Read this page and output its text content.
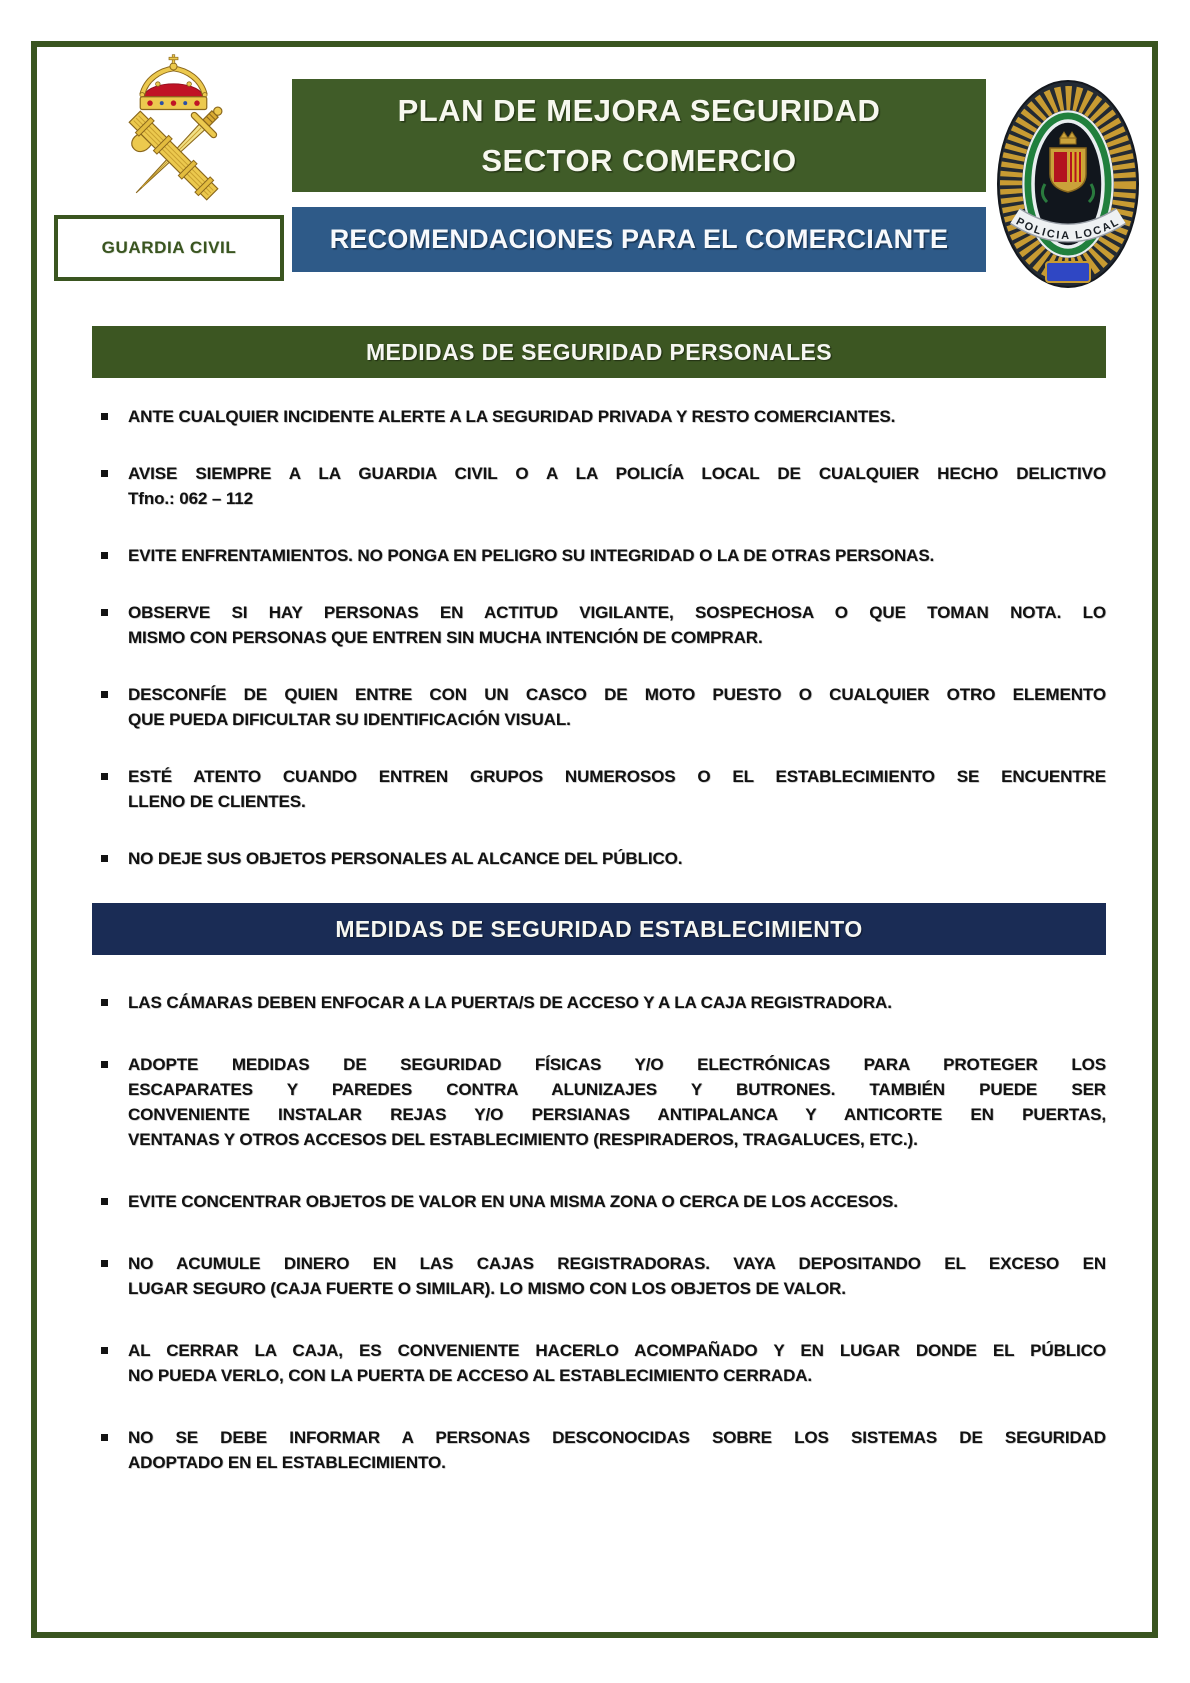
GUARDIA CIVIL
PLAN DE MEJORA SEGURIDAD
SECTOR COMERCIO
RECOMENDACIONES PARA EL COMERCIANTE
POLICIA LOCAL
MEDIDAS DE SEGURIDAD PERSONALES
ANTE CUALQUIER INCIDENTE ALERTE A LA SEGURIDAD PRIVADA Y RESTO COMERCIANTES.
AVISE SIEMPRE A LA GUARDIA CIVIL O A LA POLICÍA LOCAL DE CUALQUIER HECHO DELICTIVO
Tfno.: 062 – 112
EVITE ENFRENTAMIENTOS. NO PONGA EN PELIGRO SU INTEGRIDAD O LA DE OTRAS PERSONAS.
OBSERVE SI HAY PERSONAS EN ACTITUD VIGILANTE, SOSPECHOSA O QUE TOMAN NOTA. LO
MISMO CON PERSONAS QUE ENTREN SIN MUCHA INTENCIÓN DE COMPRAR.
DESCONFÍE DE QUIEN ENTRE CON UN CASCO DE MOTO PUESTO O CUALQUIER OTRO ELEMENTO
QUE PUEDA DIFICULTAR SU IDENTIFICACIÓN VISUAL.
ESTÉ ATENTO CUANDO ENTREN GRUPOS NUMEROSOS O EL ESTABLECIMIENTO SE ENCUENTRE
LLENO DE CLIENTES.
NO DEJE SUS OBJETOS PERSONALES AL ALCANCE DEL PÚBLICO.
MEDIDAS DE SEGURIDAD ESTABLECIMIENTO
LAS CÁMARAS DEBEN ENFOCAR A LA PUERTA/S DE ACCESO Y A LA CAJA REGISTRADORA.
ADOPTE MEDIDAS DE SEGURIDAD FÍSICAS Y/O ELECTRÓNICAS PARA PROTEGER LOS
ESCAPARATES Y PAREDES CONTRA ALUNIZAJES Y BUTRONES. TAMBIÉN PUEDE SER
CONVENIENTE INSTALAR REJAS Y/O PERSIANAS ANTIPALANCA Y ANTICORTE EN PUERTAS,
VENTANAS Y OTROS ACCESOS DEL ESTABLECIMIENTO (RESPIRADEROS, TRAGALUCES, ETC.).
EVITE CONCENTRAR OBJETOS DE VALOR EN UNA MISMA ZONA O CERCA DE LOS ACCESOS.
NO ACUMULE DINERO EN LAS CAJAS REGISTRADORAS. VAYA DEPOSITANDO EL EXCESO EN
LUGAR SEGURO (CAJA FUERTE O SIMILAR). LO MISMO CON LOS OBJETOS DE VALOR.
AL CERRAR LA CAJA, ES CONVENIENTE HACERLO ACOMPAÑADO Y EN LUGAR DONDE EL PÚBLICO
NO PUEDA VERLO, CON LA PUERTA DE ACCESO AL ESTABLECIMIENTO CERRADA.
NO SE DEBE INFORMAR A PERSONAS DESCONOCIDAS SOBRE LOS SISTEMAS DE SEGURIDAD
ADOPTADO EN EL ESTABLECIMIENTO.
